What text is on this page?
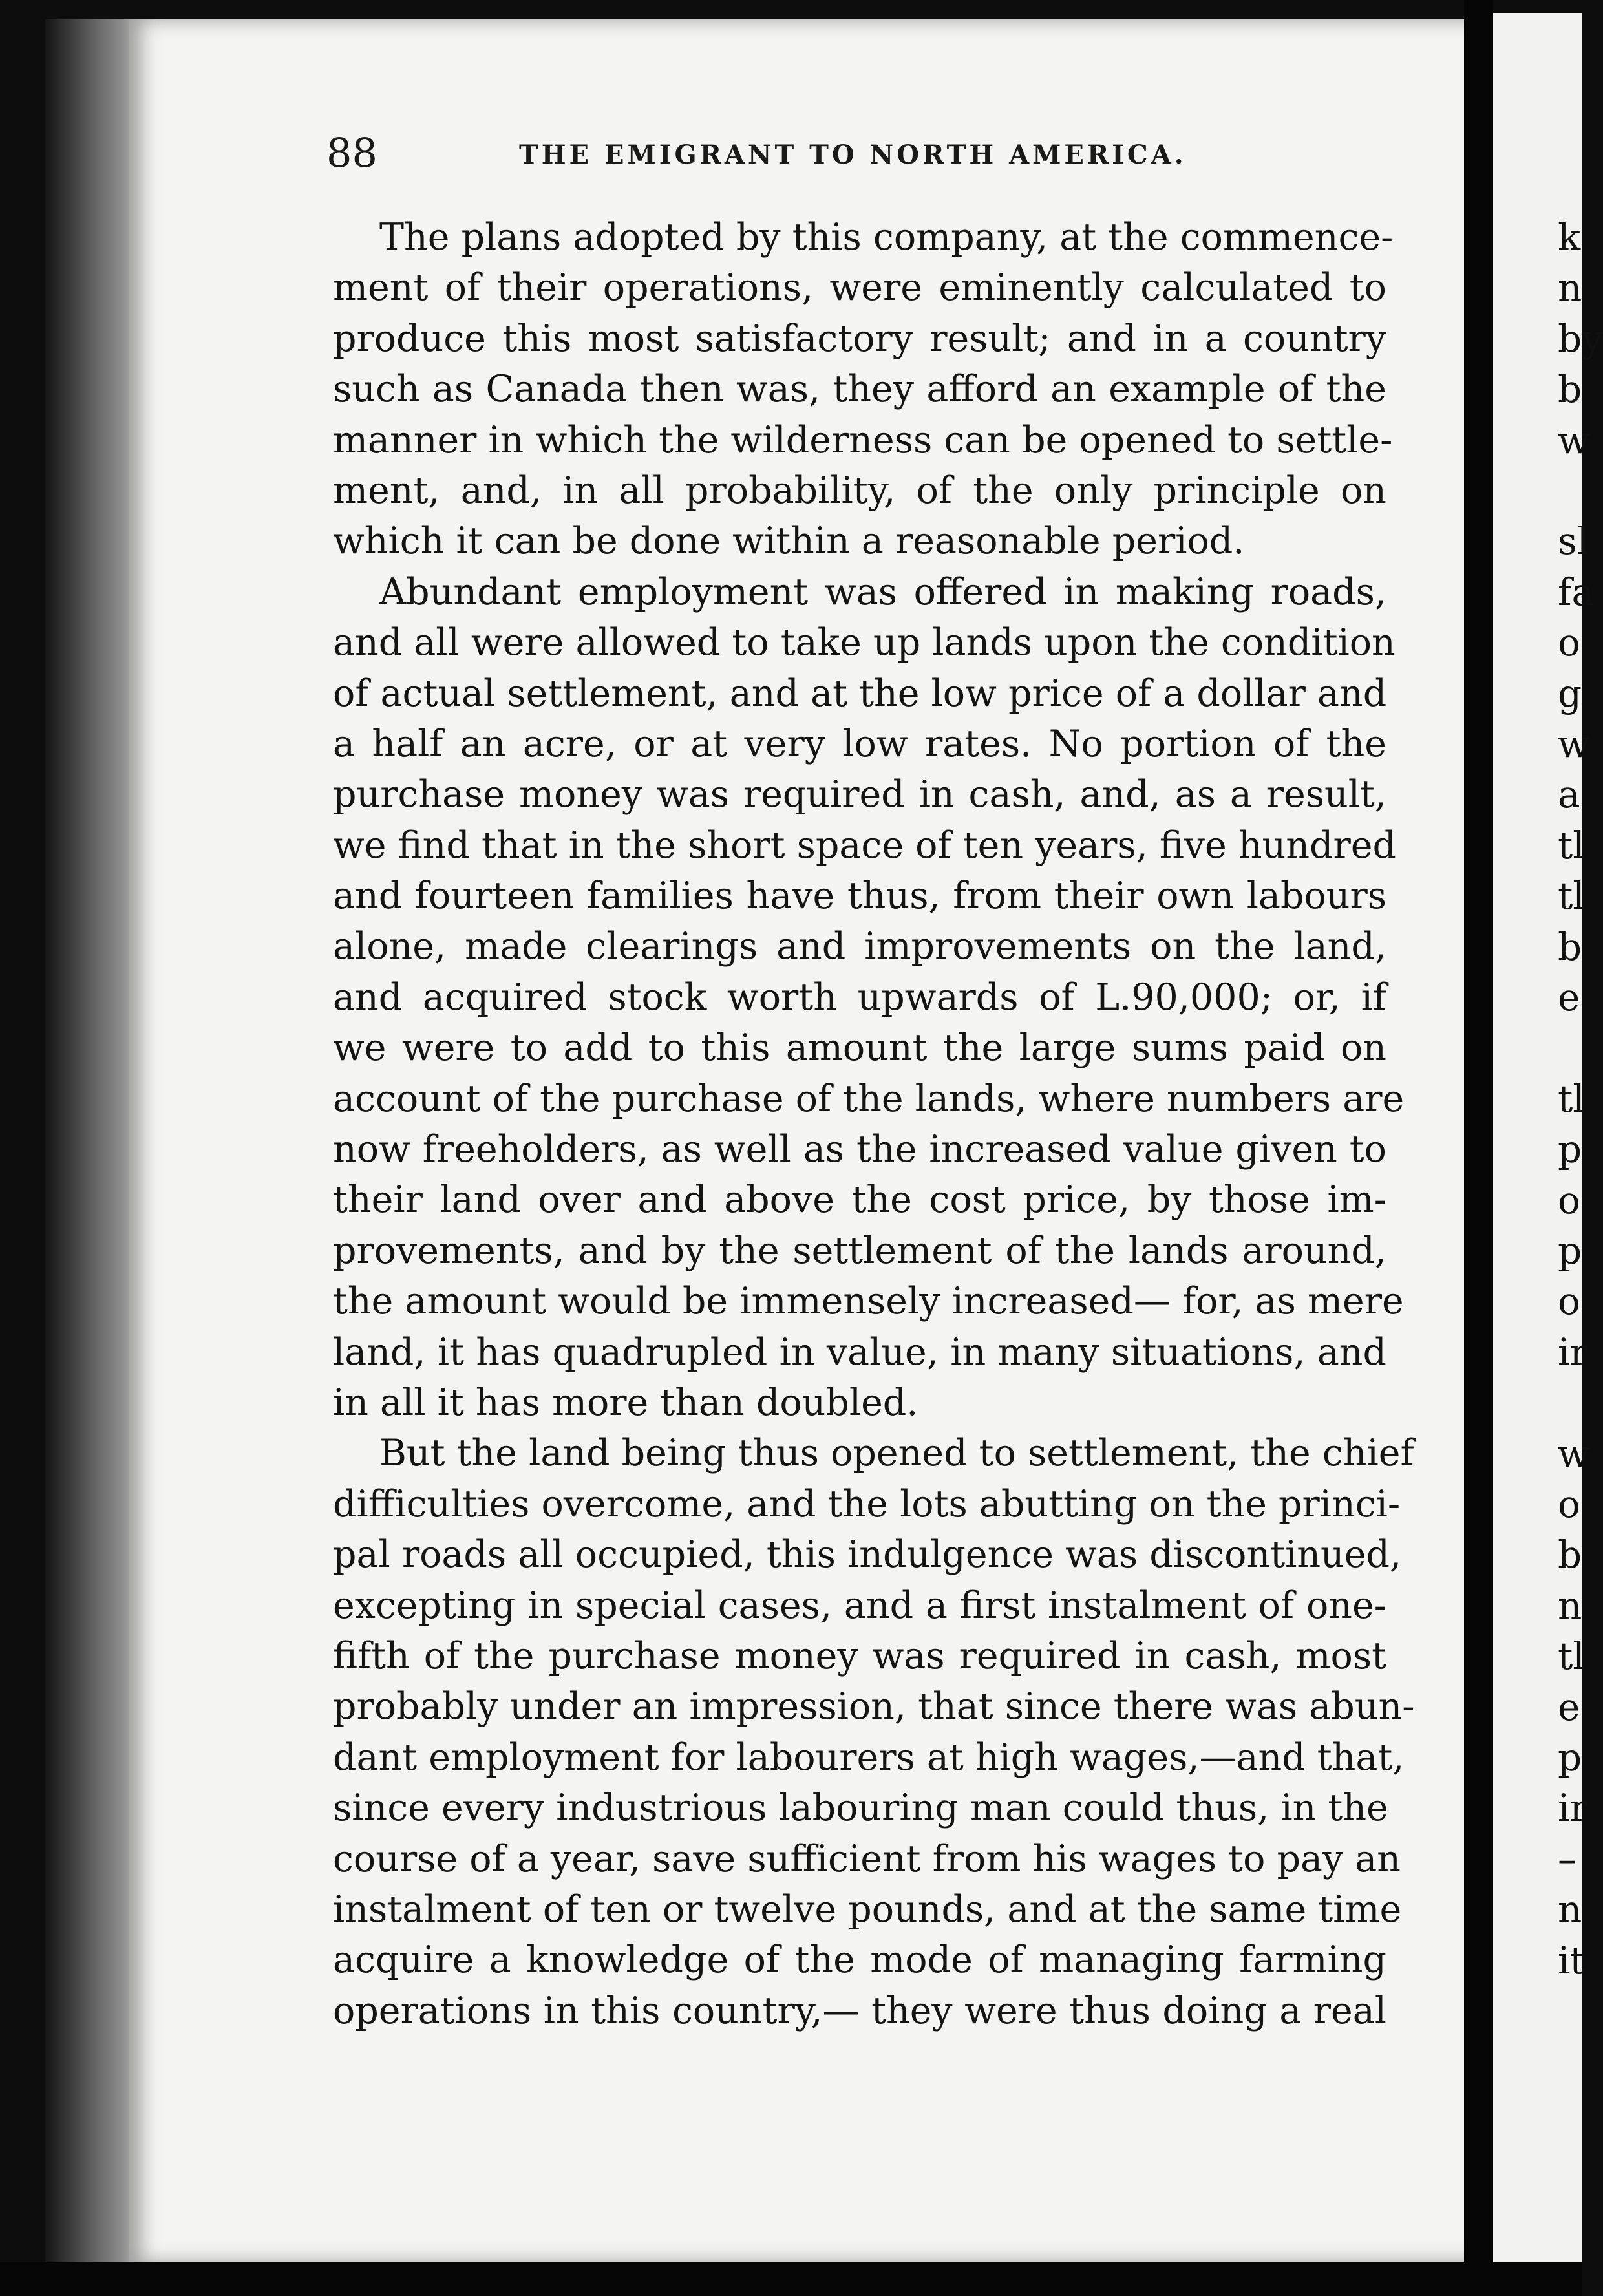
k
n
by
b
w
sl
fa
o
g
w
a
tl
tl
b
e
tl
p
o
p
o
ir
w
o
b
n
tl
e
p
ir
–
n
it
88	THE EMIGRANT TO NORTH AMERICA.

The plans adopted by this company, at the commence-
ment of their operations, were eminently calculated to
produce this most satisfactory result; and in a country
such as Canada then was, they afford an example of the
manner in which the wilderness can be opened to settle-
ment, and, in all probability, of the only principle on
which it can be done within a reasonable period.

Abundant employment was offered in making roads,
and all were allowed to take up lands upon the condition
of actual settlement, and at the low price of a dollar and
a half an acre, or at very low rates. No portion of the
purchase money was required in cash, and, as a result,
we find that in the short space of ten years, five hundred
and fourteen families have thus, from their own labours
alone, made clearings and improvements on the land,
and acquired stock worth upwards of L.90,000; or, if
we were to add to this amount the large sums paid on
account of the purchase of the lands, where numbers are
now freeholders, as well as the increased value given to
their land over and above the cost price, by those im-
provements, and by the settlement of the lands around,
the amount would be immensely increased— for, as mere
land, it has quadrupled in value, in many situations, and
in all it has more than doubled.

But the land being thus opened to settlement, the chief
difficulties overcome, and the lots abutting on the princi-
pal roads all occupied, this indulgence was discontinued,
excepting in special cases, and a first instalment of one-
fifth of the purchase money was required in cash, most
probably under an impression, that since there was abun-
dant employment for labourers at high wages,—and that,
since every industrious labouring man could thus, in the
course of a year, save sufficient from his wages to pay an
instalment of ten or twelve pounds, and at the same time
acquire a knowledge of the mode of managing farming
operations in this country,— they were thus doing a real
